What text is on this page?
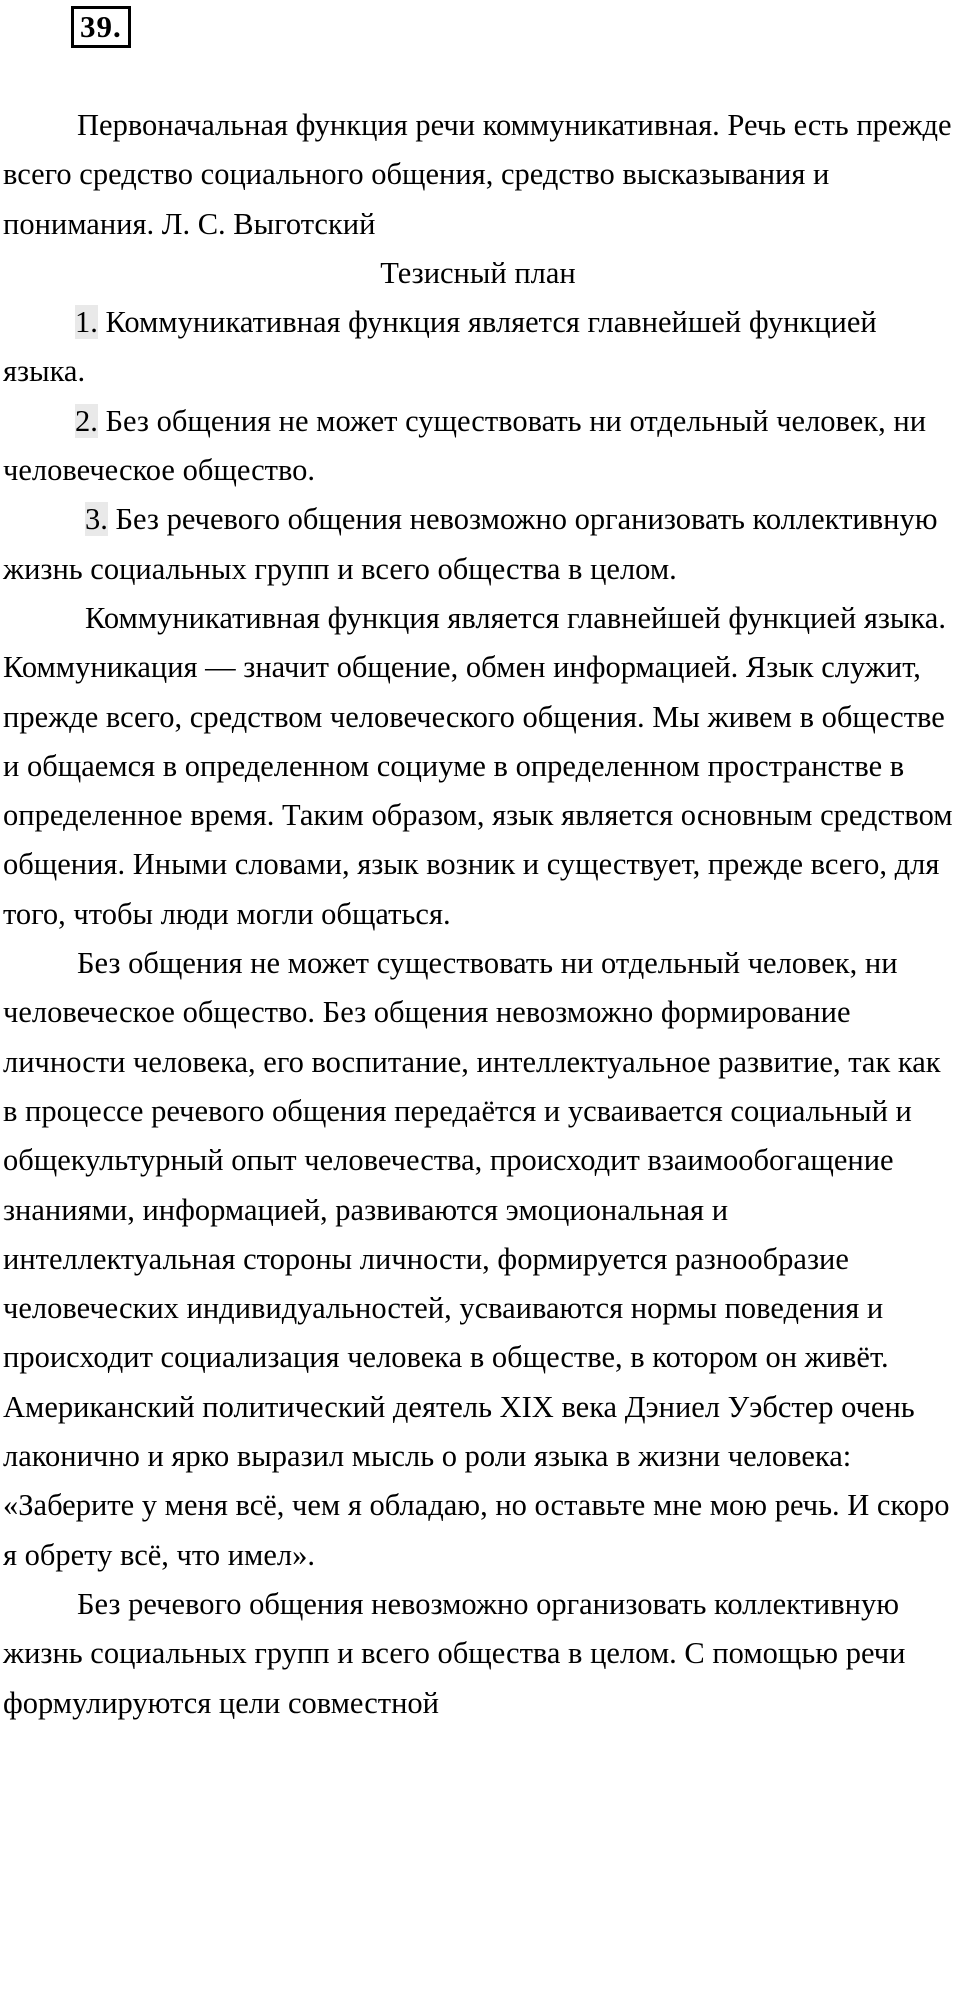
39.

Первоначальная функция речи коммуникативная. Речь есть прежде всего средство социального общения, средство высказывания и понимания. Л. С. Выготский

Тезисный план

1. Коммуникативная функция является главнейшей функцией языка.

2. Без общения не может существовать ни отдельный человек, ни человеческое общество.

3. Без речевого общения невозможно организовать коллективную жизнь социальных групп и всего общества в целом.

Коммуникативная функция является главнейшей функцией языка. Коммуникация — значит общение, обмен информацией. Язык служит, прежде всего, средством человеческого общения. Мы живем в обществе и общаемся в определенном социуме в определенном пространстве в определенное время. Таким образом, язык является основным средством общения. Иными словами, язык возник и существует, прежде всего, для того, чтобы люди могли общаться.

Без общения не может существовать ни отдельный человек, ни человеческое общество. Без общения невозможно формирование личности человека, его воспитание, интеллектуальное развитие, так как в процессе речевого общения передаётся и усваивается социальный и общекультурный опыт человечества, происходит взаимообогащение знаниями, информацией, развиваются эмоциональная и интеллектуальная стороны личности, формируется разнообразие человеческих индивидуальностей, усваиваются нормы поведения и происходит социализация человека в обществе, в котором он живёт. Американский политический деятель XIX века Дэниел Уэбстер очень лаконично и ярко выразил мысль о роли языка в жизни человека: «Заберите у меня всё, чем я обладаю, но оставьте мне мою речь. И скоро я обрету всё, что имел».

Без речевого общения невозможно организовать коллективную жизнь социальных групп и всего общества в целом. С помощью речи формулируются цели совместной
